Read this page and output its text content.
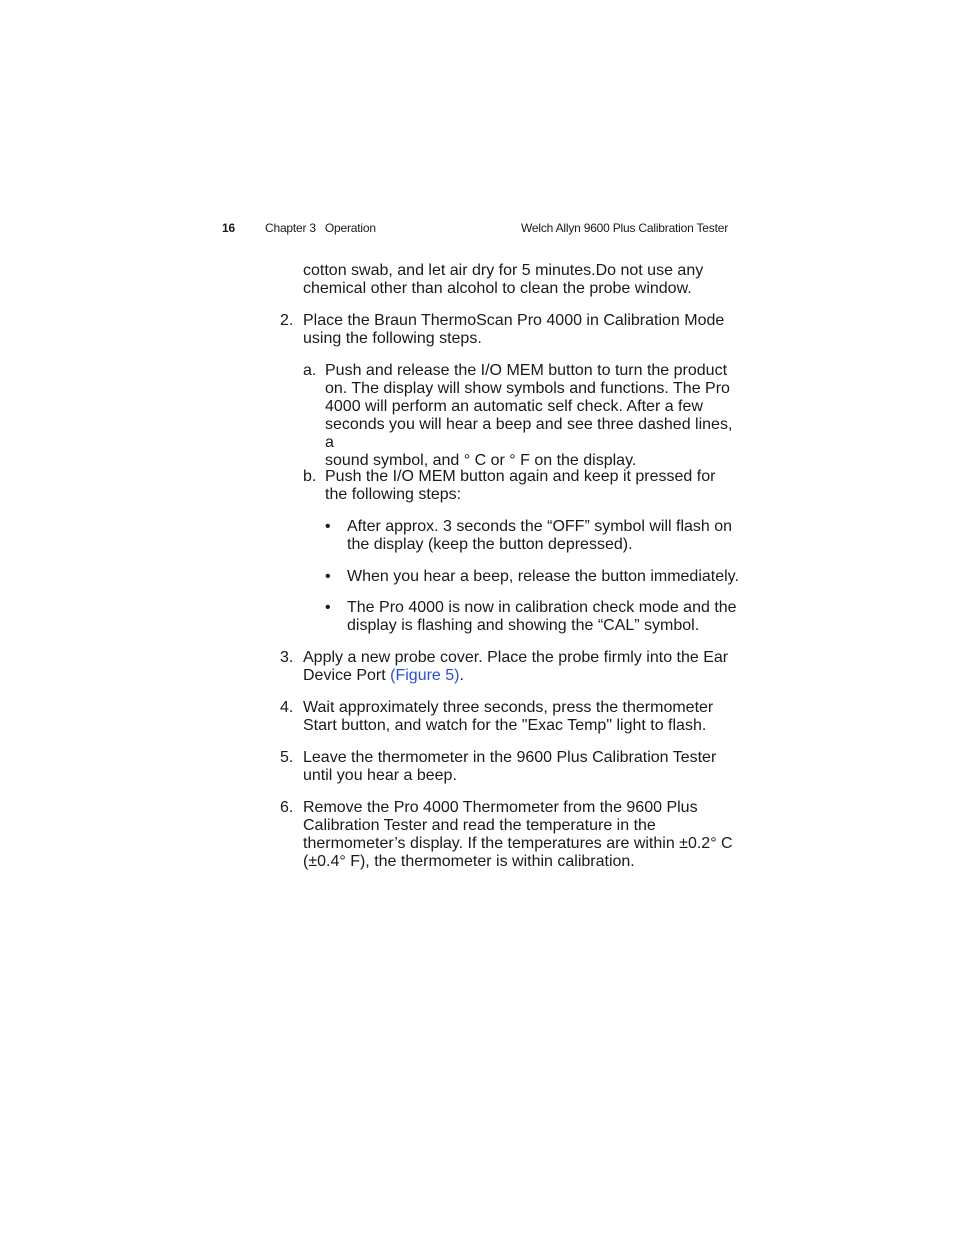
16	Chapter 3 Operation	Welch Allyn 9600 Plus Calibration Tester
cotton swab, and let air dry for 5 minutes.Do not use any
chemical other than alcohol to clean the probe window.
2. Place the Braun ThermoScan Pro 4000 in Calibration Mode
using the following steps.
a. Push and release the I/O MEM button to turn the product
on. The display will show symbols and functions. The Pro
4000 will perform an automatic self check. After a few
seconds you will hear a beep and see three dashed lines, a
sound symbol, and ° C or ° F on the display.
b. Push the I/O MEM button again and keep it pressed for
the following steps:
• After approx. 3 seconds the “OFF” symbol will flash on
the display (keep the button depressed).
• When you hear a beep, release the button immediately.
• The Pro 4000 is now in calibration check mode and the
display is flashing and showing the “CAL” symbol.
3. Apply a new probe cover. Place the probe firmly into the Ear
Device Port (Figure 5).
4. Wait approximately three seconds, press the thermometer
Start button, and watch for the "Exac Temp" light to flash.
5. Leave the thermometer in the 9600 Plus Calibration Tester
until you hear a beep.
6. Remove the Pro 4000 Thermometer from the 9600 Plus
Calibration Tester and read the temperature in the
thermometer’s display. If the temperatures are within ±0.2° C
(±0.4° F), the thermometer is within calibration.
